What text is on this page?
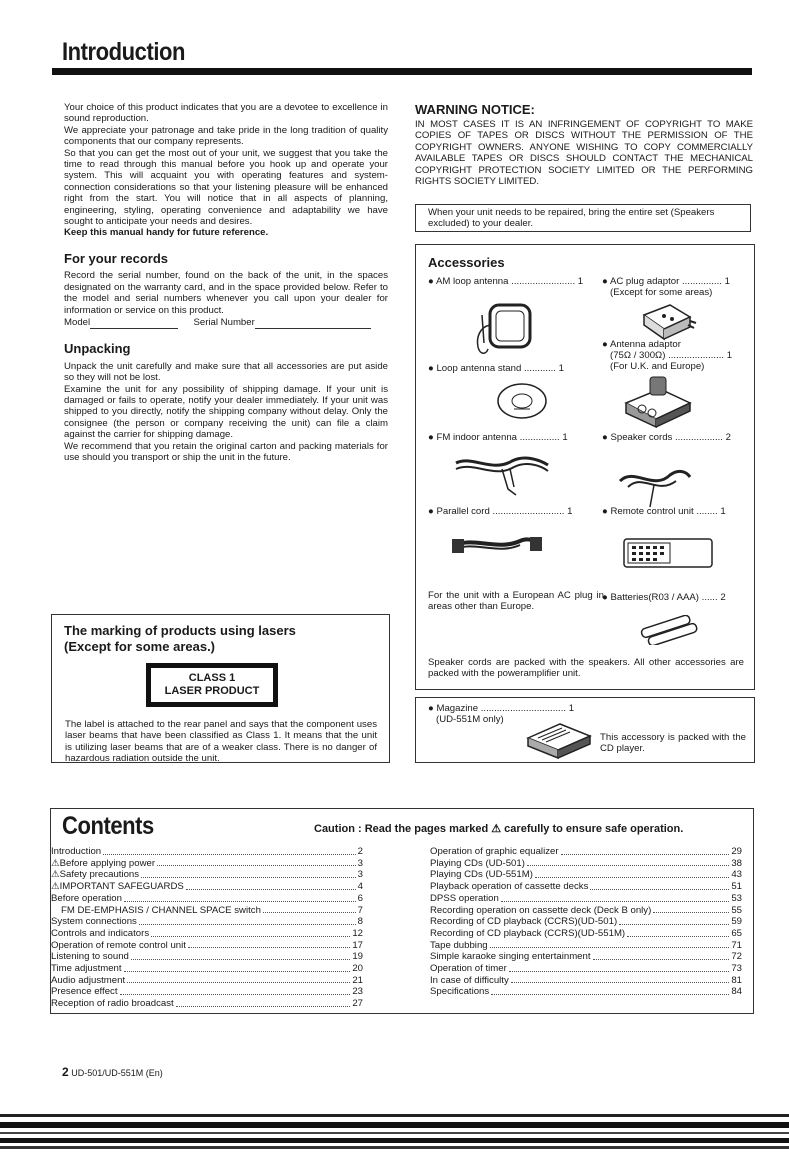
Introduction

Your choice of this product indicates that you are a devotee to excellence in sound reproduction.

We appreciate your patronage and take pride in the long tradition of quality components that our company represents.

So that you can get the most out of your unit, we suggest that you take the time to read through this manual before you hook up and operate your system. This will acquaint you with operating features and system-connection considerations so that your listening pleasure will be enhanced right from the start. You will notice that in all aspects of planning, engineering, styling, operating convenience and adaptability we have sought to anticipate your needs and desires.

Keep this manual handy for future reference.

For your records

Record the serial number, found on the back of the unit, in the spaces designated on the warranty card, and in the space provided below. Refer to the model and serial numbers whenever you call upon your dealer for information or service on this product.

Model	Serial Number

Unpacking

Unpack the unit carefully and make sure that all accessories are put aside so they will not be lost.

Examine the unit for any possibility of shipping damage. If your unit is damaged or fails to operate, notify your dealer immediately. If your unit was shipped to you directly, notify the shipping company without delay. Only the consignee (the person or company receiving the unit) can file a claim against the carrier for shipping damage.

We recommend that you retain the original carton and packing materials for use should you transport or ship the unit in the future.

The marking of products using lasers
(Except for some areas.)
CLASS 1
LASER PRODUCT
The label is attached to the rear panel and says that the component uses laser beams that have been classified as Class 1. It means that the unit is utilizing laser beams that are of a weaker class. There is no danger of hazardous radiation outside the unit.
WARNING NOTICE:

IN MOST CASES IT IS AN INFRINGEMENT OF COPYRIGHT TO MAKE COPIES OF TAPES OR DISCS WITHOUT THE PERMISSION OF THE COPYRIGHT OWNERS. ANYONE WISHING TO COPY COMMERCIALLY AVAILABLE TAPES OR DISCS SHOULD CONTACT THE MECHANICAL COPYRIGHT PROTECTION SOCIETY LIMITED OR THE PERFORMING RIGHTS SOCIETY LIMITED.

When your unit needs to be repaired, bring the entire set (Speakers excluded) to your dealer.
Accessories
● AM loop antenna ........................ 1 ● AC plug adaptor ............... 1
(Except for some areas)
● Antenna adaptor
(75Ω / 300Ω) ..................... 1
(For U.K. and Europe)
● Loop antenna stand ............ 1
● FM indoor antenna ............... 1	● Speaker cords .................. 2
● Parallel cord ........................... 1	● Remote control unit ........ 1
For the unit with a European AC plug in areas other than Europe.
● Batteries(R03 / AAA) ...... 2
Speaker cords are packed with the speakers. All other accessories are packed with the poweramplifier unit.
● Magazine ................................ 1
(UD-551M only)
This accessory is packed with the CD player.
Contents	Caution : Read the pages marked ⚠ carefully to ensure safe operation.
Introduction	2
⚠Before applying power	3
⚠Safety precautions	3
⚠IMPORTANT SAFEGUARDS	4
Before operation	6
FM DE-EMPHASIS / CHANNEL SPACE switch	7
System connections	8
Controls and indicators	12
Operation of remote control unit	17
Listening to sound	19
Time adjustment	20
Audio adjustment	21
Presence effect	23
Reception of radio broadcast	27
Operation of graphic equalizer	29
Playing CDs (UD-501)	38
Playing CDs (UD-551M)	43
Playback operation of cassette decks	51
DPSS operation	53
Recording operation on cassette deck (Deck B only)	55
Recording of CD playback (CCRS)(UD-501)	59
Recording of CD playback (CCRS)(UD-551M)	65
Tape dubbing	71
Simple karaoke singing entertainment	72
Operation of timer	73
In case of difficulty	81
Specifications	84
2 UD-501/UD-551M (En)
